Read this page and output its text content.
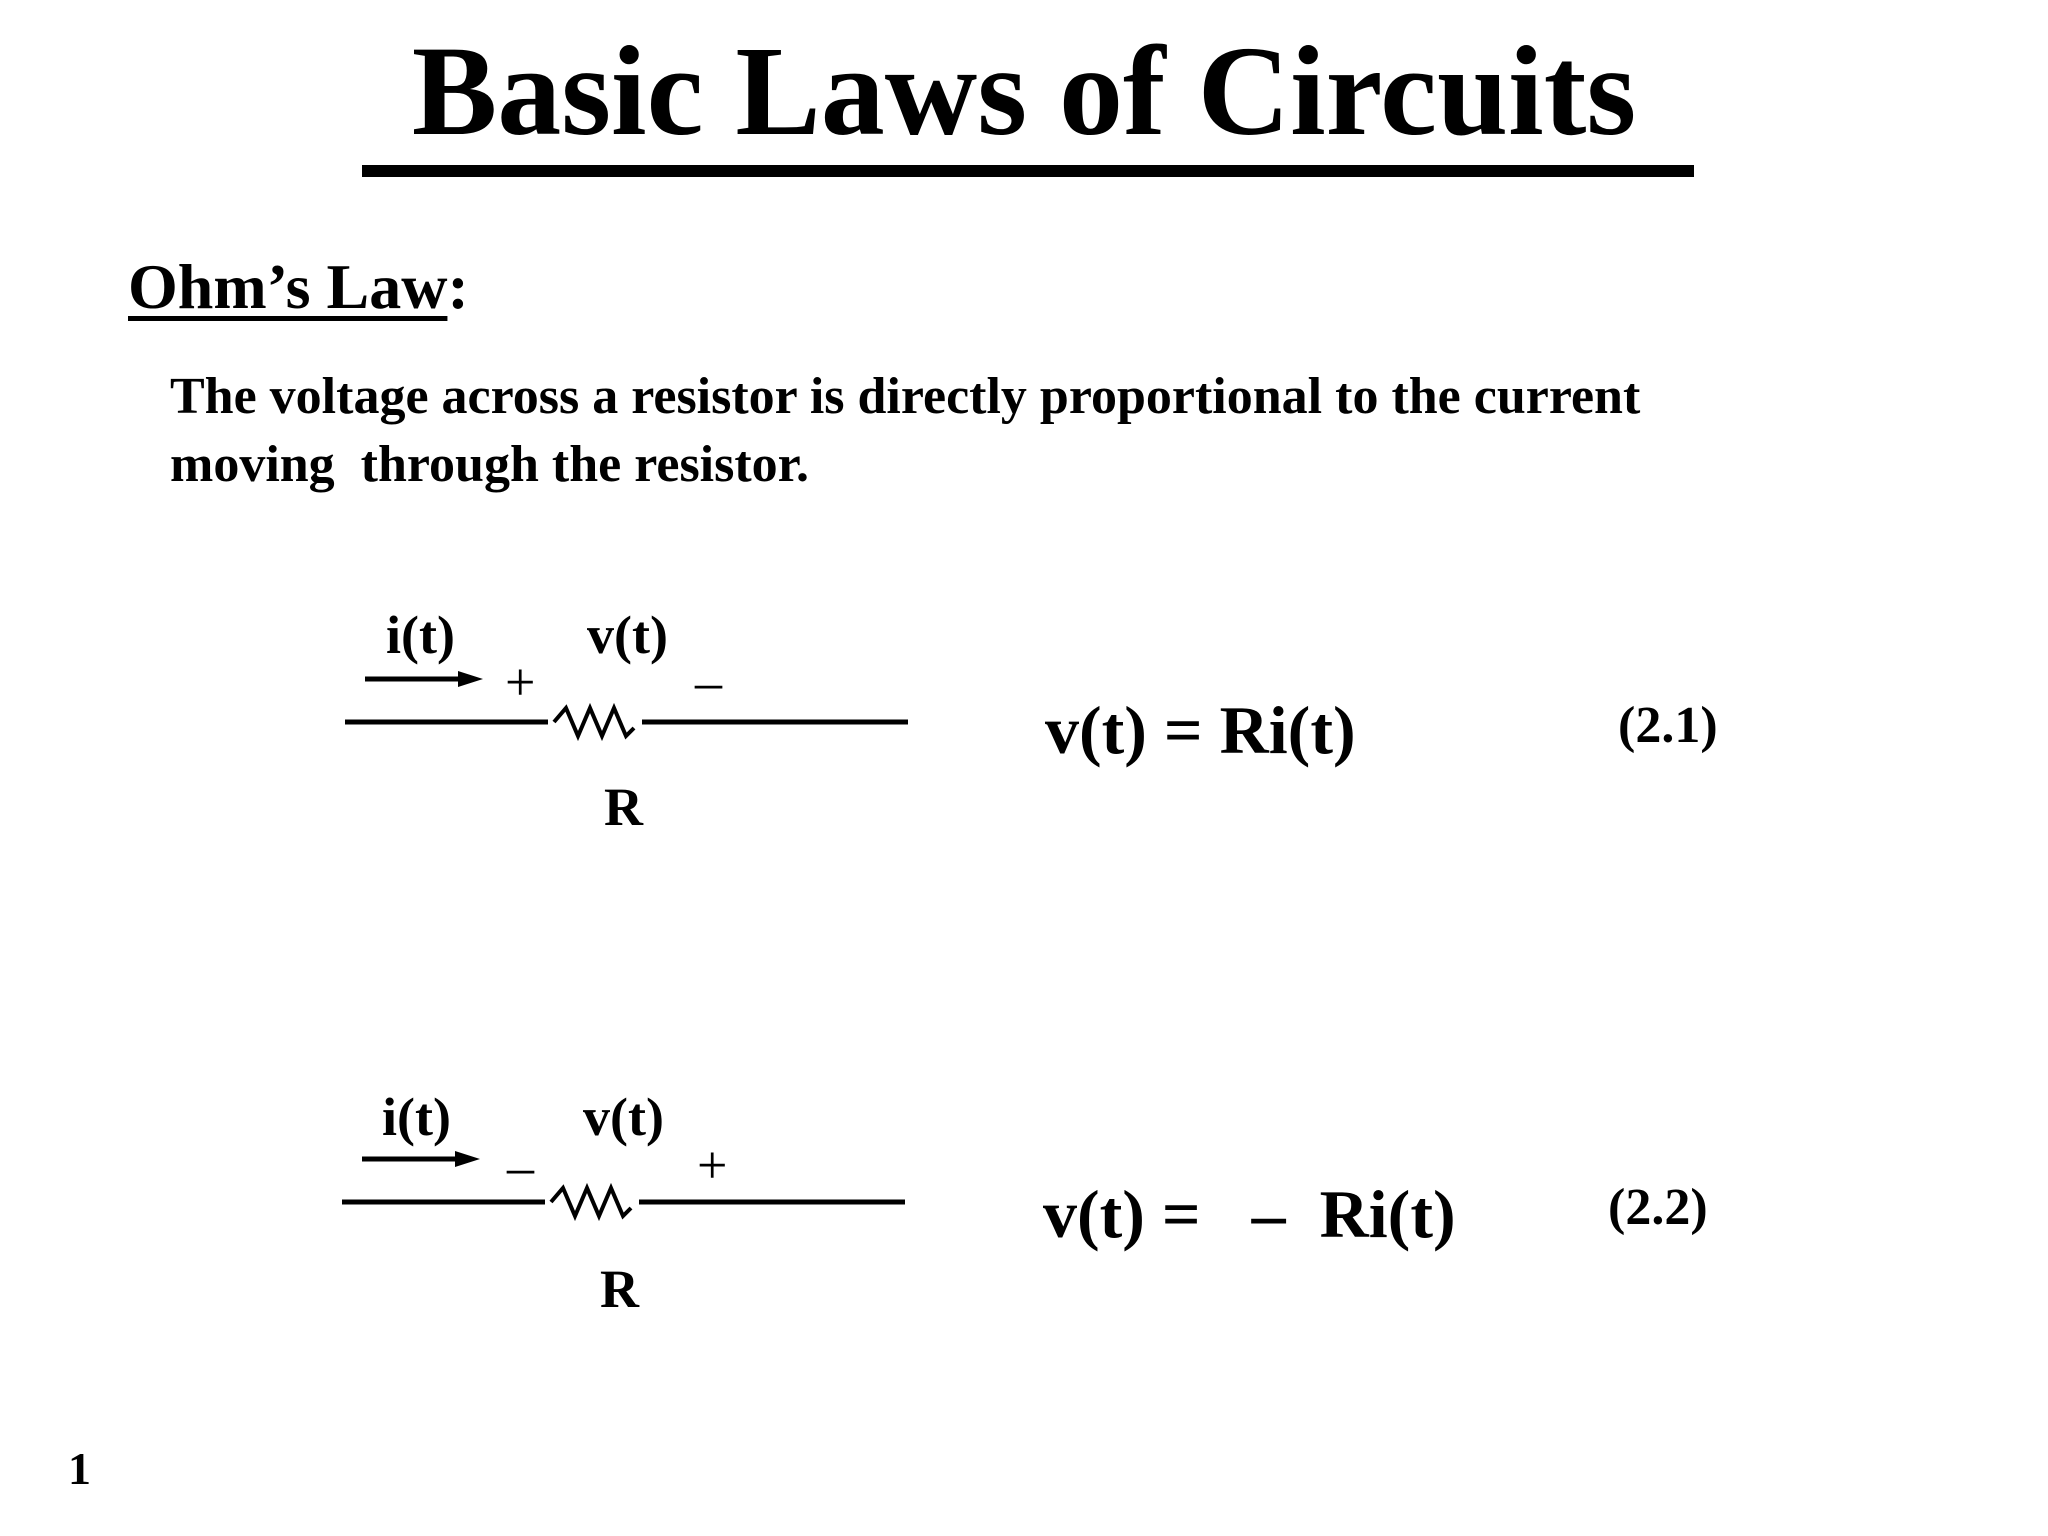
Basic Laws of Circuits
Ohm’s Law:
The voltage across a resistor is directly proportional to the current
moving  through the resistor.
i(t) v(t)
+	–
R
v(t) = Ri(t)	(2.1)
i(t) v(t)
–	+
R
v(t) =   –  Ri(t)	(2.2)
1
